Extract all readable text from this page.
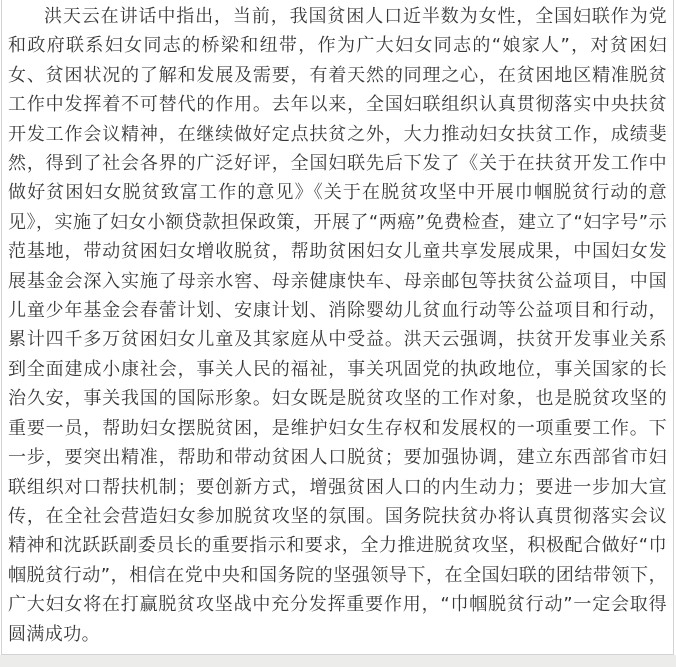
洪天云在讲话中指出，当前，我国贫困人口近半数为女性，全国妇联作为党和政府联系妇女同志的桥梁和纽带，作为广大妇女同志的“娘家人”，对贫困妇女、贫困状况的了解和发展及需要，有着天然的同理之心，在贫困地区精准脱贫工作中发挥着不可替代的作用。去年以来，全国妇联组织认真贯彻落实中央扶贫开发工作会议精神，在继续做好定点扶贫之外，大力推动妇女扶贫工作，成绩斐然，得到了社会各界的广泛好评，全国妇联先后下发了《关于在扶贫开发工作中做好贫困妇女脱贫致富工作的意见》《关于在脱贫攻坚中开展巾帼脱贫行动的意见》，实施了妇女小额贷款担保政策，开展了“两癌”免费检查，建立了“妇字号”示范基地，带动贫困妇女增收脱贫，帮助贫困妇女儿童共享发展成果，中国妇女发展基金会深入实施了母亲水窖、母亲健康快车、母亲邮包等扶贫公益项目，中国儿童少年基金会春蕾计划、安康计划、消除婴幼儿贫血行动等公益项目和行动，累计四千多万贫困妇女儿童及其家庭从中受益。洪天云强调，扶贫开发事业关系到全面建成小康社会，事关人民的福祉，事关巩固党的执政地位，事关国家的长治久安，事关我国的国际形象。妇女既是脱贫攻坚的工作对象，也是脱贫攻坚的重要一员，帮助妇女摆脱贫困，是维护妇女生存权和发展权的一项重要工作。下一步，要突出精准，帮助和带动贫困人口脱贫；要加强协调，建立东西部省市妇联组织对口帮扶机制；要创新方式，增强贫困人口的内生动力；要进一步加大宣传，在全社会营造妇女参加脱贫攻坚的氛围。国务院扶贫办将认真贯彻落实会议精神和沈跃跃副委员长的重要指示和要求，全力推进脱贫攻坚，积极配合做好“巾帼脱贫行动”，相信在党中央和国务院的坚强领导下，在全国妇联的团结带领下，广大妇女将在打赢脱贫攻坚战中充分发挥重要作用，“巾帼脱贫行动”一定会取得圆满成功。
